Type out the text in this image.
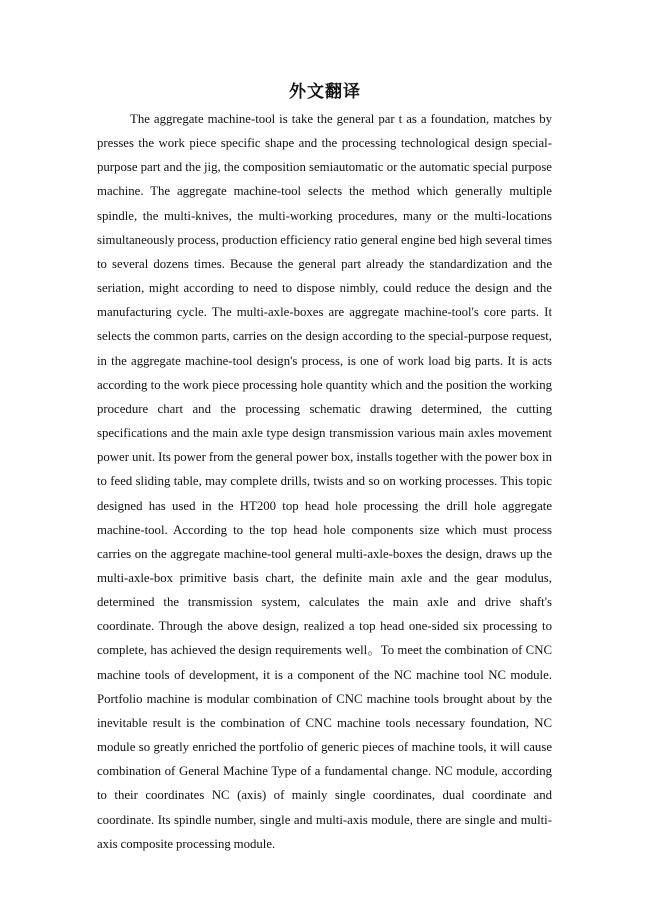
外文翻译

The aggregate machine-tool is take the general par t as a foundation, matches by presses the work piece specific shape and the processing technological design special-purpose part and the jig, the composition semiautomatic or the automatic special purpose machine. The aggregate machine-tool selects the method which generally multiple spindle, the multi-knives, the multi-working procedures, many or the multi-locations simultaneously process, production efficiency ratio general engine bed high several times to several dozens times. Because the general part already the standardization and the seriation, might according to need to dispose nimbly, could reduce the design and the manufacturing cycle. The multi-axle-boxes are aggregate machine-tool's core parts. It selects the common parts, carries on the design according to the special-purpose request, in the aggregate machine-tool design's process, is one of work load big parts. It is acts according to the work piece processing hole quantity which and the position the working procedure chart and the processing schematic drawing determined, the cutting specifications and the main axle type design transmission various main axles movement power unit. Its power from the general power box, installs together with the power box in to feed sliding table, may complete drills, twists and so on working processes. This topic designed has used in the HT200 top head hole processing the drill hole aggregate machine-tool. According to the top head hole components size which must process carries on the aggregate machine-tool general multi-axle-boxes the design, draws up the multi-axle-box primitive basis chart, the definite main axle and the gear modulus, determined the transmission system, calculates the main axle and drive shaft's coordinate. Through the above design, realized a top head one-sided six processing to complete, has achieved the design requirements well。To meet the combination of CNC machine tools of development, it is a component of the NC machine tool NC module. Portfolio machine is modular combination of CNC machine tools brought about by the inevitable result is the combination of CNC machine tools necessary foundation, NC module so greatly enriched the portfolio of generic pieces of machine tools, it will cause combination of General Machine Type of a fundamental change. NC module, according to their coordinates NC (axis) of mainly single coordinates, dual coordinate and coordinate. Its spindle number, single and multi-axis module, there are single and multi-axis composite processing module.
